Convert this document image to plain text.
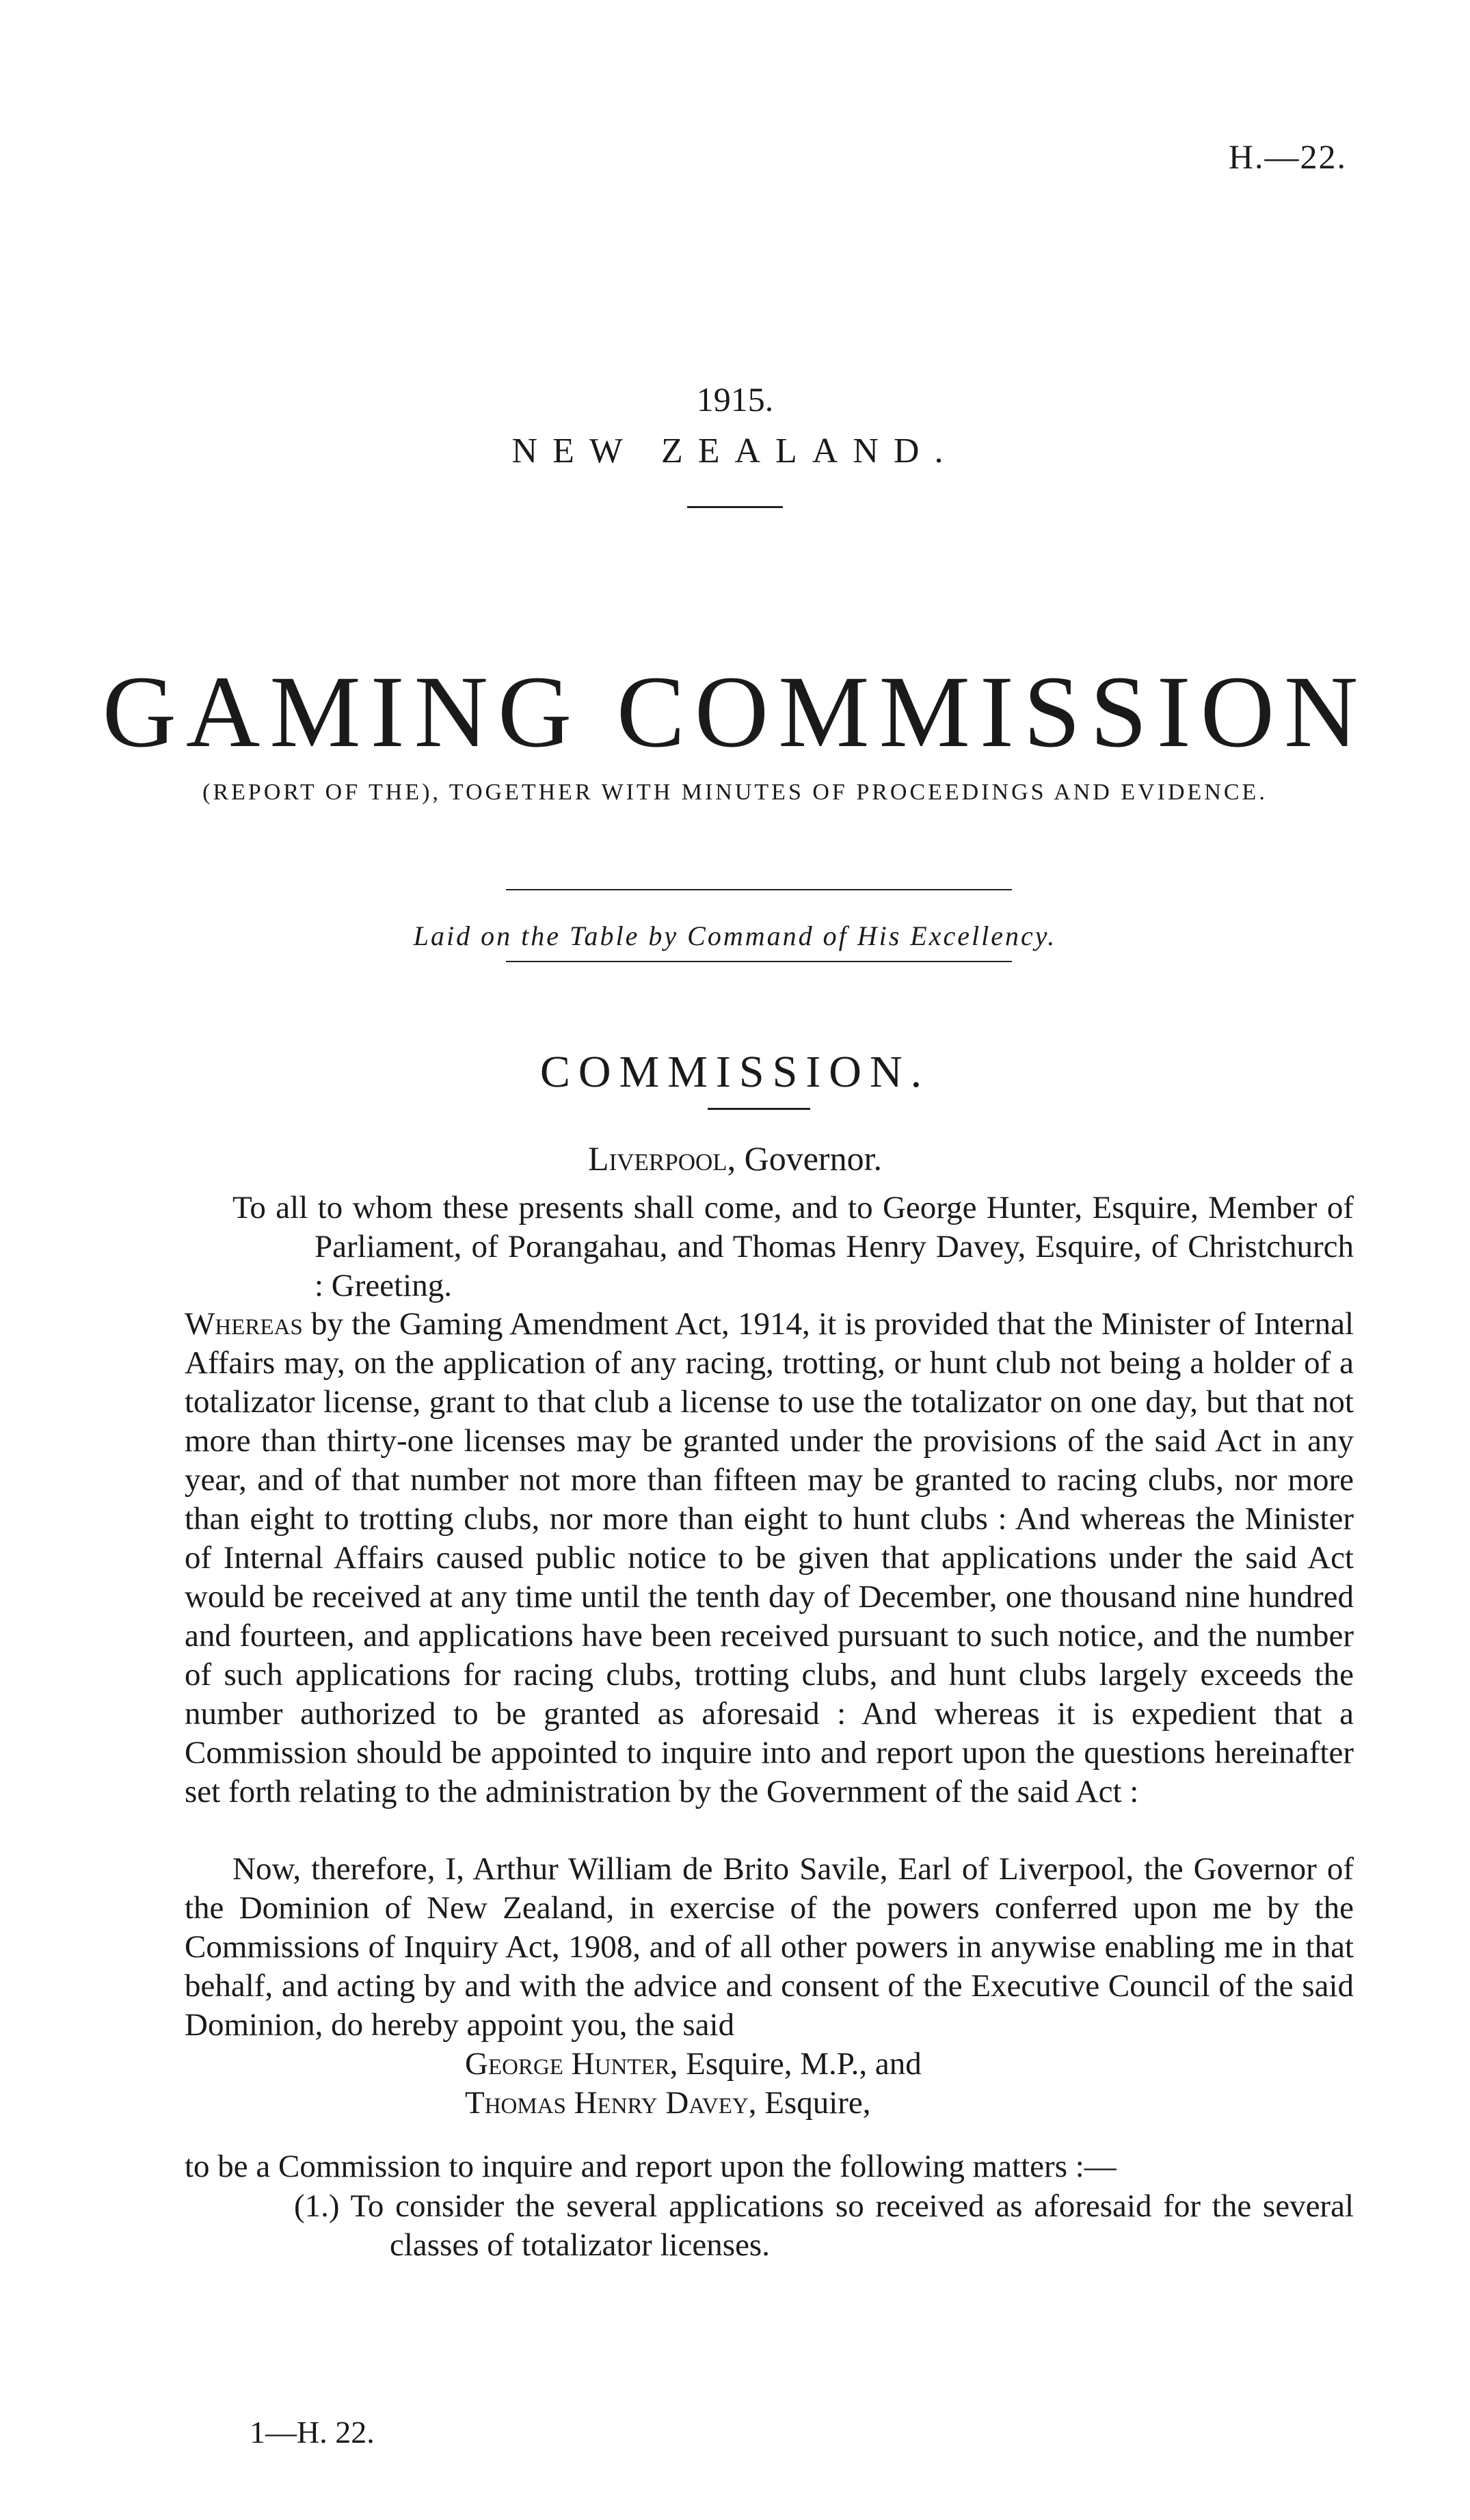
H.—22.
1915.
NEW ZEALAND.
GAMING COMMISSION
(REPORT OF THE), TOGETHER WITH MINUTES OF PROCEEDINGS AND EVIDENCE.
Laid on the Table by Command of His Excellency.
COMMISSION.
Liverpool, Governor.
To all to whom these presents shall come, and to George Hunter, Esquire, Member of Parliament, of Porangahau, and Thomas Henry Davey, Esquire, of Christchurch : Greeting.

Whereas by the Gaming Amendment Act, 1914, it is provided that the Minister of Internal Affairs may, on the application of any racing, trotting, or hunt club not being a holder of a totalizator license, grant to that club a license to use the totalizator on one day, but that not more than thirty-one licenses may be granted under the provisions of the said Act in any year, and of that number not more than fifteen may be granted to racing clubs, nor more than eight to trotting clubs, nor more than eight to hunt clubs : And whereas the Minister of Internal Affairs caused public notice to be given that applications under the said Act would be received at any time until the tenth day of December, one thousand nine hundred and fourteen, and applications have been received pursuant to such notice, and the number of such applications for racing clubs, trotting clubs, and hunt clubs largely exceeds the number authorized to be granted as aforesaid : And whereas it is expedient that a Commission should be appointed to inquire into and report upon the questions hereinafter set forth relating to the administration by the Government of the said Act :

Now, therefore, I, Arthur William de Brito Savile, Earl of Liverpool, the Governor of the Dominion of New Zealand, in exercise of the powers conferred upon me by the Commissions of Inquiry Act, 1908, and of all other powers in anywise enabling me in that behalf, and acting by and with the advice and consent of the Executive Council of the said Dominion, do hereby appoint you, the said
George Hunter, Esquire, M.P., and
Thomas Henry Davey, Esquire,
to be a Commission to inquire and report upon the following matters :—
(1.) To consider the several applications so received as aforesaid for the several classes of totalizator licenses.
1—H. 22.
